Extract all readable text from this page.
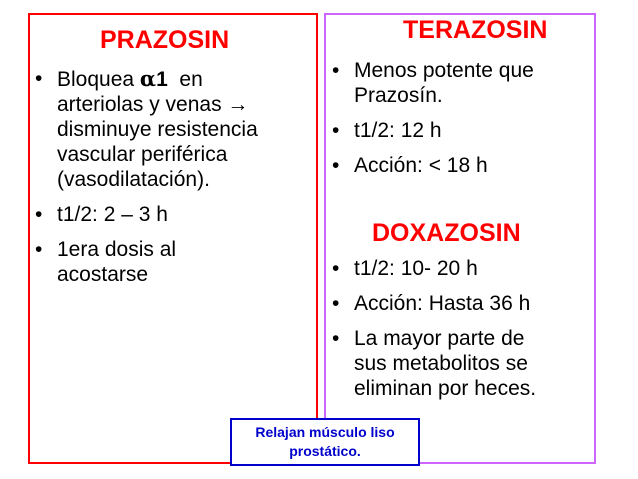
PRAZOSIN
• Bloquea α1  en
arteriolas y venas →
disminuye resistencia
vascular periférica
(vasodilatación).
• t1/2: 2 – 3 h
• 1era dosis al
acostarse
TERAZOSIN
• Menos potente que
Prazosín.
• t1/2: 12 h
• Acción: < 18 h
DOXAZOSIN
• t1/2: 10- 20 h
• Acción: Hasta 36 h
• La mayor parte de
sus metabolitos se
eliminan por heces.
Relajan músculo liso
prostático.
